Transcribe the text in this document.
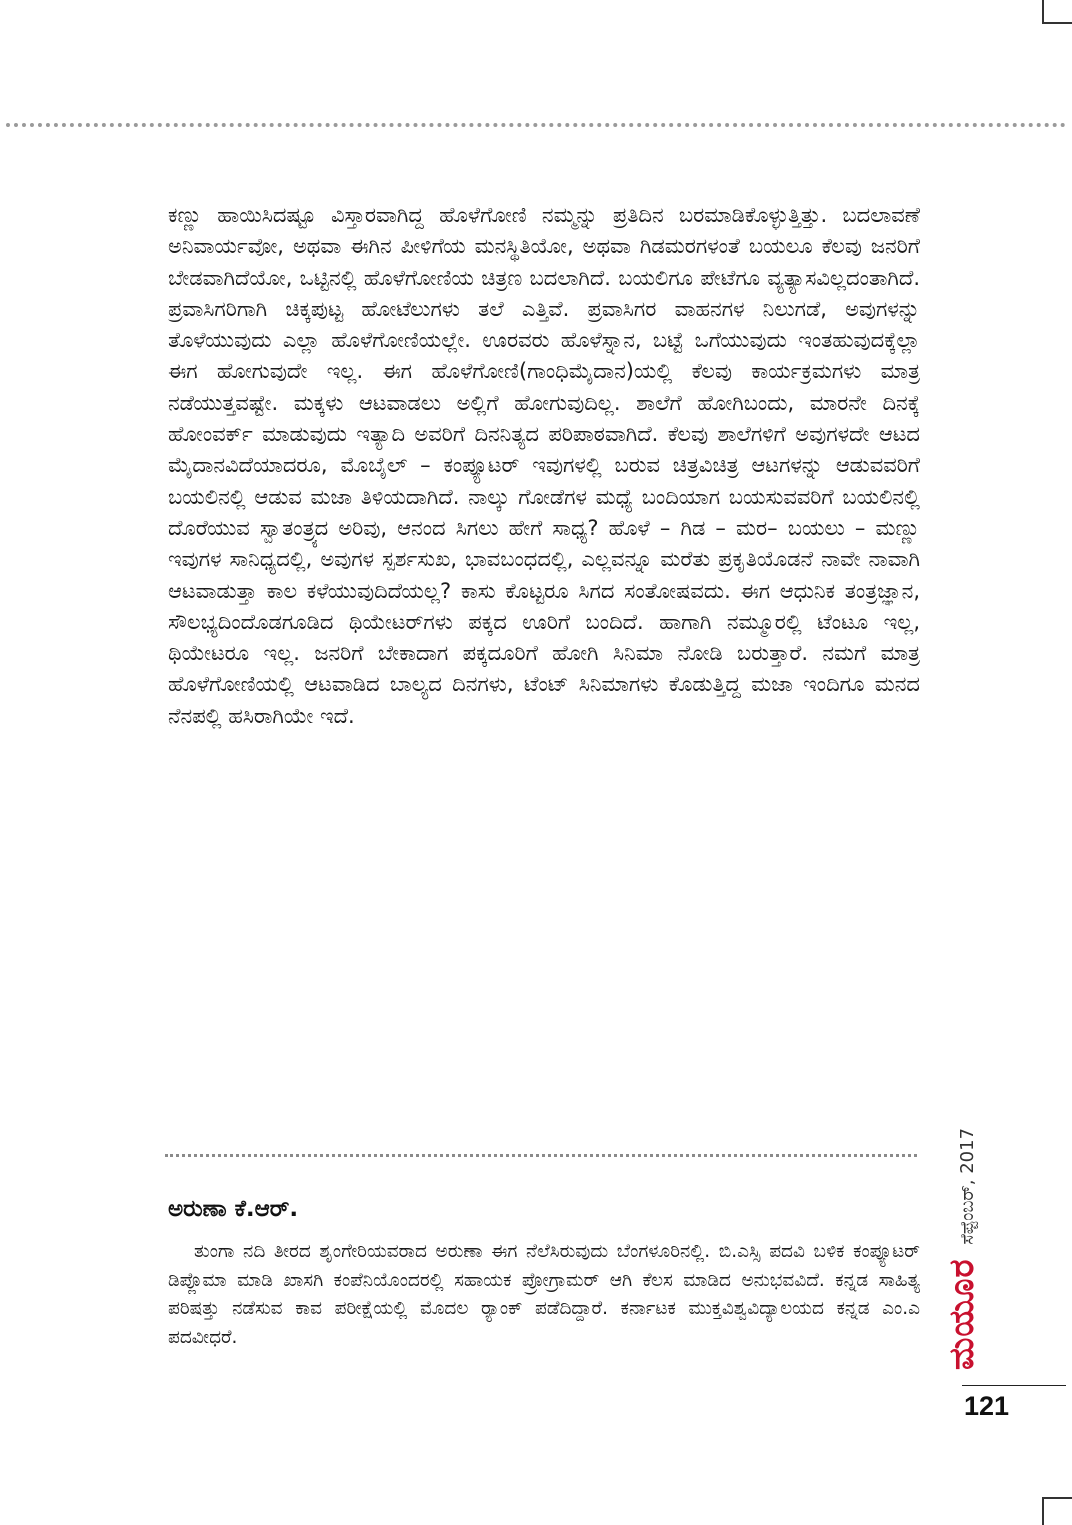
ಕಣ್ಣು ಹಾಯಿಸಿದಷ್ಟೂ ವಿಸ್ತಾರವಾಗಿದ್ದ ಹೊಳೆಗೋಣಿ ನಮ್ಮನ್ನು ಪ್ರತಿದಿನ ಬರಮಾಡಿಕೊಳ್ಳುತ್ತಿತ್ತು. ಬದಲಾವಣೆ ಅನಿವಾರ್ಯವೋ, ಅಥವಾ ಈಗಿನ ಪೀಳಿಗೆಯ ಮನಸ್ಥಿತಿಯೋ, ಅಥವಾ ಗಿಡಮರಗಳಂತೆ ಬಯಲೂ ಕೆಲವು ಜನರಿಗೆ ಬೇಡವಾಗಿದೆಯೋ, ಒಟ್ಟಿನಲ್ಲಿ ಹೊಳೆಗೋಣಿಯ ಚಿತ್ರಣ ಬದಲಾಗಿದೆ. ಬಯಲಿಗೂ ಪೇಟೆಗೂ ವ್ಯತ್ಯಾಸವಿಲ್ಲದಂತಾಗಿದೆ. ಪ್ರವಾಸಿಗರಿಗಾಗಿ ಚಿಕ್ಕಪುಟ್ಟ ಹೋಟೆಲುಗಳು ತಲೆ ಎತ್ತಿವೆ. ಪ್ರವಾಸಿಗರ ವಾಹನಗಳ ನಿಲುಗಡೆ, ಅವುಗಳನ್ನು ತೊಳೆಯುವುದು ಎಲ್ಲಾ ಹೊಳೆಗೋಣಿಯಲ್ಲೇ. ಊರವರು ಹೊಳೆಸ್ನಾನ, ಬಟ್ಟೆ ಒಗೆಯುವುದು ಇಂತಹುವುದಕ್ಕೆಲ್ಲಾ ಈಗ ಹೋಗುವುದೇ ಇಲ್ಲ. ಈಗ ಹೊಳೆಗೋಣಿ(ಗಾಂಧಿಮೈದಾನ)ಯಲ್ಲಿ ಕೆಲವು ಕಾರ್ಯಕ್ರಮಗಳು ಮಾತ್ರ ನಡೆಯುತ್ತವಷ್ಟೇ. ಮಕ್ಕಳು ಆಟವಾಡಲು ಅಲ್ಲಿಗೆ ಹೋಗುವುದಿಲ್ಲ. ಶಾಲೆಗೆ ಹೋಗಿಬಂದು, ಮಾರನೇ ದಿನಕ್ಕೆ ಹೋಂವರ್ಕ್ ಮಾಡುವುದು ಇತ್ಯಾದಿ ಅವರಿಗೆ ದಿನನಿತ್ಯದ ಪರಿಪಾಠವಾಗಿದೆ. ಕೆಲವು ಶಾಲೆಗಳಿಗೆ ಅವುಗಳದೇ ಆಟದ ಮೈದಾನವಿದೆಯಾದರೂ, ಮೊಬೈಲ್ – ಕಂಪ್ಯೂಟರ್ ಇವುಗಳಲ್ಲಿ ಬರುವ ಚಿತ್ರವಿಚಿತ್ರ ಆಟಗಳನ್ನು ಆಡುವವರಿಗೆ ಬಯಲಿನಲ್ಲಿ ಆಡುವ ಮಜಾ ತಿಳಿಯದಾಗಿದೆ. ನಾಲ್ಕು ಗೋಡೆಗಳ ಮಧ್ಯೆ ಬಂದಿಯಾಗ ಬಯಸುವವರಿಗೆ ಬಯಲಿನಲ್ಲಿ ದೊರೆಯುವ ಸ್ವಾತಂತ್ರ್ಯದ ಅರಿವು, ಆನಂದ ಸಿಗಲು ಹೇಗೆ ಸಾಧ್ಯ? ಹೊಳೆ – ಗಿಡ – ಮರ– ಬಯಲು – ಮಣ್ಣು ಇವುಗಳ ಸಾನಿಧ್ಯದಲ್ಲಿ, ಅವುಗಳ ಸ್ಪರ್ಶಸುಖ, ಭಾವಬಂಧದಲ್ಲಿ, ಎಲ್ಲವನ್ನೂ ಮರೆತು ಪ್ರಕೃತಿಯೊಡನೆ ನಾವೇ ನಾವಾಗಿ ಆಟವಾಡುತ್ತಾ ಕಾಲ ಕಳೆಯುವುದಿದೆಯಲ್ಲ? ಕಾಸು ಕೊಟ್ಟರೂ ಸಿಗದ ಸಂತೋಷವದು. ಈಗ ಆಧುನಿಕ ತಂತ್ರಜ್ಞಾನ, ಸೌಲಭ್ಯದಿಂದೊಡಗೂಡಿದ ಥಿಯೇಟರ್‌ಗಳು ಪಕ್ಕದ ಊರಿಗೆ ಬಂದಿದೆ. ಹಾಗಾಗಿ ನಮ್ಮೂರಲ್ಲಿ ಟೆಂಟೂ ಇಲ್ಲ, ಥಿಯೇಟರೂ ಇಲ್ಲ. ಜನರಿಗೆ ಬೇಕಾದಾಗ ಪಕ್ಕದೂರಿಗೆ ಹೋಗಿ ಸಿನಿಮಾ ನೋಡಿ ಬರುತ್ತಾರೆ. ನಮಗೆ ಮಾತ್ರ ಹೊಳೆಗೋಣಿಯಲ್ಲಿ ಆಟವಾಡಿದ ಬಾಲ್ಯದ ದಿನಗಳು, ಟೆಂಟ್ ಸಿನಿಮಾಗಳು ಕೊಡುತ್ತಿದ್ದ ಮಜಾ ಇಂದಿಗೂ ಮನದ ನೆನಪಲ್ಲಿ ಹಸಿರಾಗಿಯೇ ಇದೆ.

ಅರುಣಾ ಕೆ.ಆರ್.

ತುಂಗಾ ನದಿ ತೀರದ ಶೃಂಗೇರಿಯವರಾದ ಅರುಣಾ ಈಗ ನೆಲೆಸಿರುವುದು ಬೆಂಗಳೂರಿನಲ್ಲಿ. ಬಿ.ಎಸ್ಸಿ ಪದವಿ ಬಳಿಕ ಕಂಪ್ಯೂಟರ್ ಡಿಪ್ಲೊಮಾ ಮಾಡಿ ಖಾಸಗಿ ಕಂಪೆನಿಯೊಂದರಲ್ಲಿ ಸಹಾಯಕ ಪ್ರೋಗ್ರಾಮರ್ ಆಗಿ ಕೆಲಸ ಮಾಡಿದ ಅನುಭವವಿದೆ. ಕನ್ನಡ ಸಾಹಿತ್ಯ ಪರಿಷತ್ತು ನಡೆಸುವ ಕಾವ ಪರೀಕ್ಷೆಯಲ್ಲಿ ಮೊದಲ ರ್‍ಯಾಂಕ್ ಪಡೆದಿದ್ದಾರೆ. ಕರ್ನಾಟಕ ಮುಕ್ತವಿಶ್ವವಿದ್ಯಾಲಯದ ಕನ್ನಡ ಎಂ.ಎ ಪದವೀಧರೆ.	ಮಯೂರ
ಸೆಪ್ಟೆಂಬರ್, 2017
121
